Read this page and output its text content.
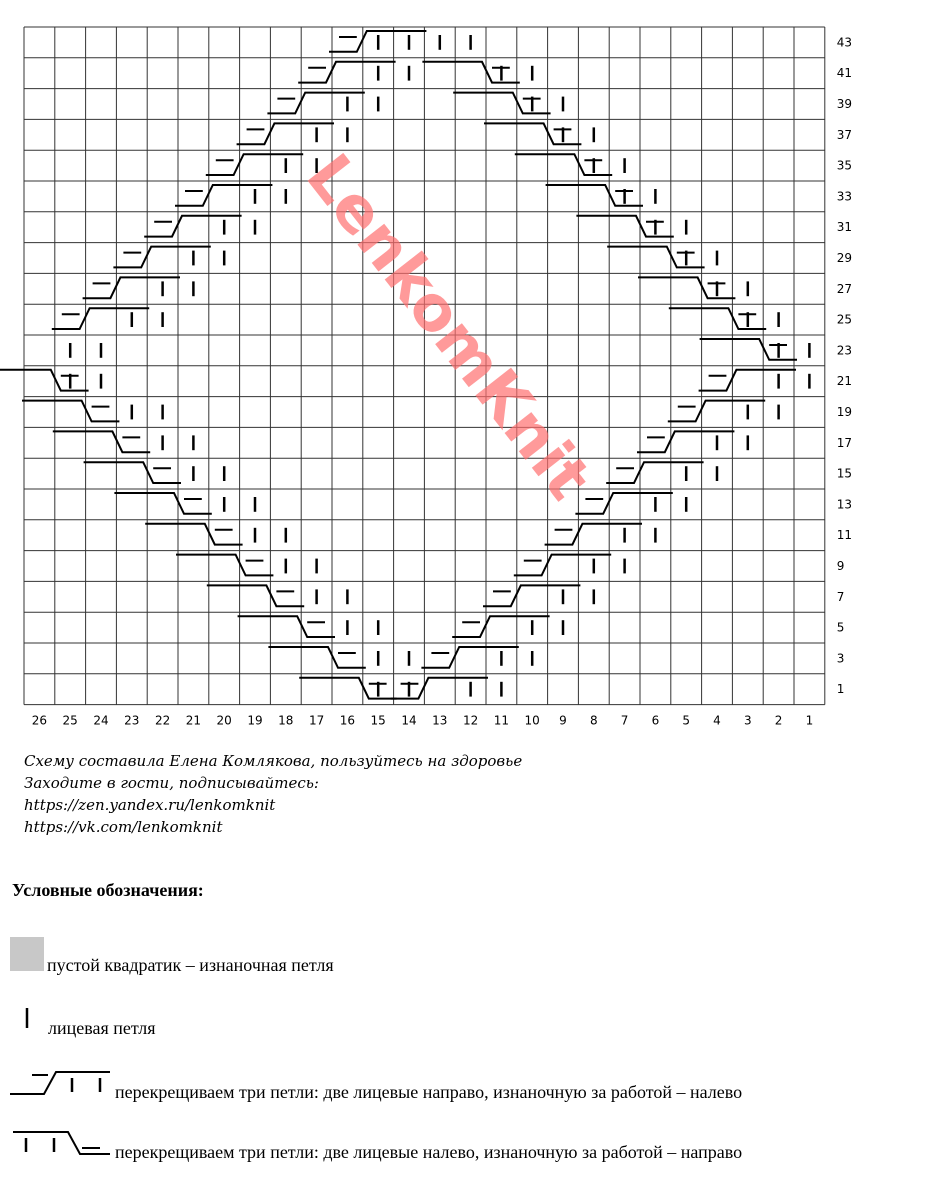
43
41
39
37
35
33
31
29
27
25
23
21
19
17
15
13
11
9
7
5
3
1
26 25 24 23 22 21 20 19 18 17 16 15 14 13 12 11 10 9 8 7 6 5 4 3 2 1
LenkomKnit
Схему составила Елена Комлякова, пользуйтесь на здоровье
Заходите в гости, подписывайтесь:
https://zen.yandex.ru/lenkomknit
https://vk.com/lenkomknit
Условные обозначения:
пустой квадратик – изнаночная петля
лицевая петля
перекрещиваем три петли: две лицевые направо, изнаночную за работой – налево
перекрещиваем три петли: две лицевые налево, изнаночную за работой – направо
